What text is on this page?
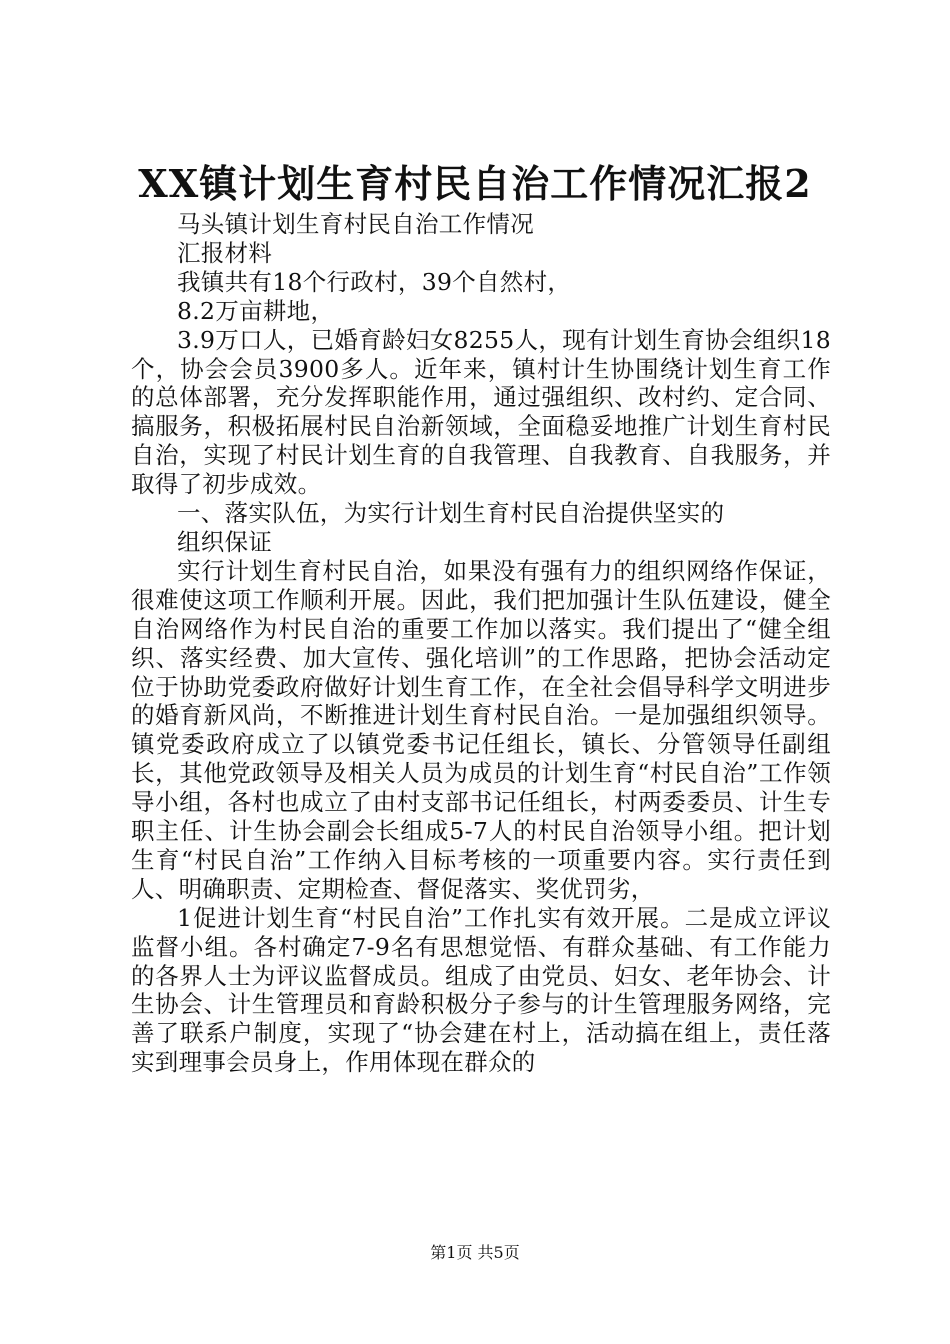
XX镇计划生育村民自治工作情况汇报2

马头镇计划生育村民自治工作情况

汇报材料

我镇共有18个行政村，39个自然村，

8.2万亩耕地，

3.9万口人，已婚育龄妇女8255人，现有计划生育协会组织18个，协会会员3900多人。近年来，镇村计生协围绕计划生育工作的总体部署，充分发挥职能作用，通过强组织、改村约、定合同、搞服务，积极拓展村民自治新领域，全面稳妥地推广计划生育村民自治，实现了村民计划生育的自我管理、自我教育、自我服务，并取得了初步成效。

一、落实队伍，为实行计划生育村民自治提供坚实的

组织保证

实行计划生育村民自治，如果没有强有力的组织网络作保证，很难使这项工作顺利开展。因此，我们把加强计生队伍建设，健全自治网络作为村民自治的重要工作加以落实。我们提出了“健全组织、落实经费、加大宣传、强化培训”的工作思路，把协会活动定位于协助党委政府做好计划生育工作，在全社会倡导科学文明进步的婚育新风尚，不断推进计划生育村民自治。一是加强组织领导。镇党委政府成立了以镇党委书记任组长，镇长、分管领导任副组长，其他党政领导及相关人员为成员的计划生育“村民自治”工作领导小组，各村也成立了由村支部书记任组长，村两委委员、计生专职主任、计生协会副会长组成5-7人的村民自治领导小组。把计划生育“村民自治”工作纳入目标考核的一项重要内容。实行责任到人、明确职责、定期检查、督促落实、奖优罚劣，

1促进计划生育“村民自治”工作扎实有效开展。二是成立评议监督小组。各村确定7-9名有思想觉悟、有群众基础、有工作能力的各界人士为评议监督成员。组成了由党员、妇女、老年协会、计生协会、计生管理员和育龄积极分子参与的计生管理服务网络，完善了联系户制度，实现了“协会建在村上，活动搞在组上，责任落实到理事会员身上，作用体现在群众的

第1页 共5页
